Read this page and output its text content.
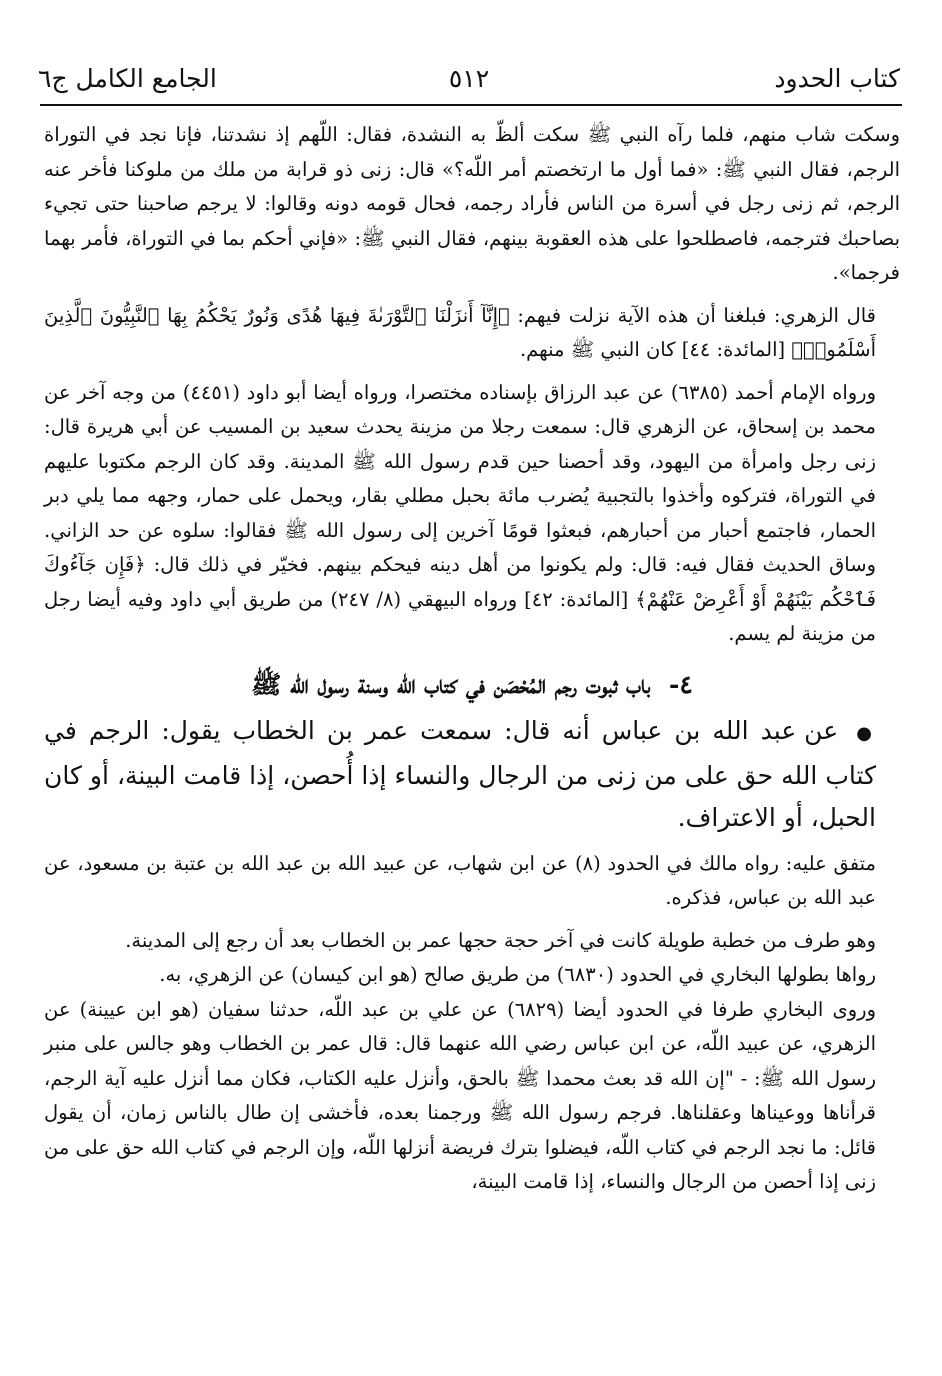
كتاب الحدود
٥١٢
الجامع الكامل ج٦

وسكت شاب منهم، فلما رآه النبي ﷺ سكت ألظّ به النشدة، فقال: اللّهم إذ نشدتنا، فإنا نجد في التوراة الرجم، فقال النبي ﷺ: «فما أول ما ارتخصتم أمر اللّه؟» قال: زنى ذو قرابة من ملك من ملوكنا فأخر عنه الرجم، ثم زنى رجل في أسرة من الناس فأراد رجمه، فحال قومه دونه وقالوا: لا يرجم صاحبنا حتى تجيء بصاحبك فترجمه، فاصطلحوا على هذه العقوبة بينهم، فقال النبي ﷺ: «فإني أحكم بما في التوراة، فأمر بهما فرجما».

قال الزهري: فبلغنا أن هذه الآية نزلت فيهم: ﴿إِنَّآ أَنزَلْنَا ٱلتَّوْرَىٰةَ فِيهَا هُدًى وَنُورٌ يَحْكُمُ بِهَا ٱلنَّبِيُّونَ ٱلَّذِينَ أَسْلَمُوا۟﴾ [المائدة: ٤٤] كان النبي ﷺ منهم.

ورواه الإمام أحمد (٦٣٨٥) عن عبد الرزاق بإسناده مختصرا، ورواه أيضا أبو داود (٤٤٥١) من وجه آخر عن محمد بن إسحاق، عن الزهري قال: سمعت رجلا من مزينة يحدث سعيد بن المسيب عن أبي هريرة قال: زنى رجل وامرأة من اليهود، وقد أحصنا حين قدم رسول الله ﷺ المدينة. وقد كان الرجم مكتوبا عليهم في التوراة، فتركوه وأخذوا بالتجبية يُضرب مائة بحبل مطلي بقار، ويحمل على حمار، وجهه مما يلي دبر الحمار، فاجتمع أحبار من أحبارهم، فبعثوا قومًا آخرين إلى رسول الله ﷺ فقالوا: سلوه عن حد الزاني. وساق الحديث فقال فيه: قال: ولم يكونوا من أهل دينه فيحكم بينهم. فخيّر في ذلك قال: ﴿فَإِن جَآءُوكَ فَٱحْكُم بَيْنَهُمْ أَوْ أَعْرِضْ عَنْهُمْ﴾ [المائدة: ٤٢] ورواه البيهقي (٨/ ٢٤٧) من طريق أبي داود وفيه أيضا رجل من مزينة لم يسم.

٤- باب ثبوت رجم المُحْصَن في كتاب الله وسنة رسول الله ﷺ

● عن عبد الله بن عباس أنه قال: سمعت عمر بن الخطاب يقول: الرجم في كتاب الله حق على من زنى من الرجال والنساء إذا أُحصن، إذا قامت البينة، أو كان الحبل، أو الاعتراف.

متفق عليه: رواه مالك في الحدود (٨) عن ابن شهاب، عن عبيد الله بن عبد الله بن عتبة بن مسعود، عن عبد الله بن عباس، فذكره.

وهو طرف من خطبة طويلة كانت في آخر حجة حجها عمر بن الخطاب بعد أن رجع إلى المدينة.

رواها بطولها البخاري في الحدود (٦٨٣٠) من طريق صالح (هو ابن كيسان) عن الزهري، به.

وروى البخاري طرفا في الحدود أيضا (٦٨٢٩) عن علي بن عبد اللّه، حدثنا سفيان (هو ابن عيينة) عن الزهري، عن عبيد اللّه، عن ابن عباس رضي الله عنهما قال: قال عمر بن الخطاب وهو جالس على منبر رسول الله ﷺ: - "إن الله قد بعث محمدا ﷺ بالحق، وأنزل عليه الكتاب، فكان مما أنزل عليه آية الرجم، قرأناها ووعيناها وعقلناها. فرجم رسول الله ﷺ ورجمنا بعده، فأخشى إن طال بالناس زمان، أن يقول قائل: ما نجد الرجم في كتاب اللّه، فيضلوا بترك فريضة أنزلها اللّه، وإن الرجم في كتاب الله حق على من زنى إذا أحصن من الرجال والنساء، إذا قامت البينة،
